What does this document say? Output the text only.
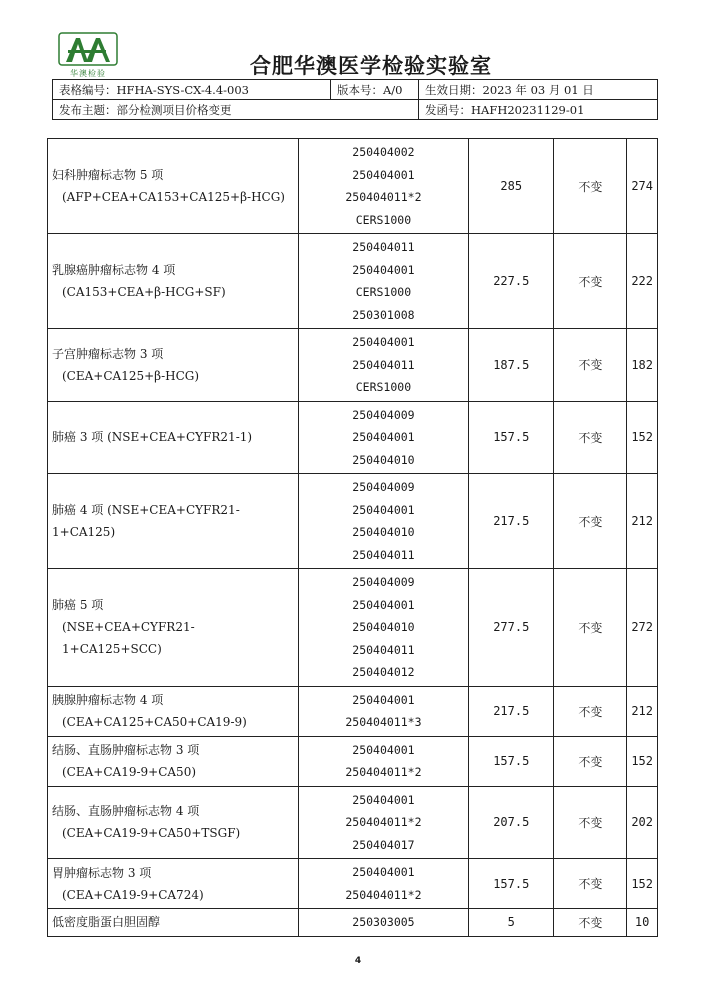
华澳检验	合肥华澳医学检验实验室
表格编号：HFHA-SYS-CX-4.4-003	版本号：A/0	生效日期：2023 年 03 月 01 日
发布主题：部分检测项目价格变更		发函号：HAFH20231129-01
妇科肿瘤标志物 5 项
(AFP+CEA+CA153+CA125+β-HCG)	250404002
250404001
250404011*2
CERS1000	285	不变	274
乳腺癌肿瘤标志物 4 项
(CA153+CEA+β-HCG+SF)	250404011
250404001
CERS1000
250301008	227.5	不变	222
子宫肿瘤标志物 3 项
(CEA+CA125+β-HCG)	250404001
250404011
CERS1000	187.5	不变	182
肺癌 3 项 (NSE+CEA+CYFR21-1)	250404009
250404001
250404010	157.5	不变	152
肺癌 4 项 (NSE+CEA+CYFR21-1+CA125)	250404009
250404001
250404010
250404011	217.5	不变	212
肺癌 5 项
(NSE+CEA+CYFR21-1+CA125+SCC)	250404009
250404001
250404010
250404011
250404012	277.5	不变	272
胰腺肿瘤标志物 4 项
(CEA+CA125+CA50+CA19-9)	250404001
250404011*3	217.5	不变	212
结肠、直肠肿瘤标志物 3 项
(CEA+CA19-9+CA50)	250404001
250404011*2	157.5	不变	152
结肠、直肠肿瘤标志物 4 项
(CEA+CA19-9+CA50+TSGF)	250404001
250404011*2
250404017	207.5	不变	202
胃肿瘤标志物 3 项
(CEA+CA19-9+CA724)	250404001
250404011*2	157.5	不变	152
低密度脂蛋白胆固醇	250303005	5	不变	10
4
